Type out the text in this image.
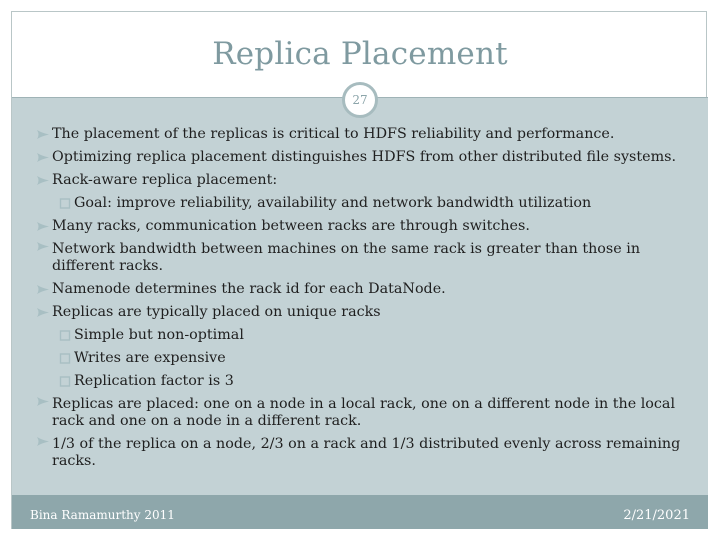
Replica Placement
27
The placement of the replicas is critical to HDFS reliability and performance.
Optimizing replica placement distinguishes HDFS from other distributed file systems.
Rack-aware replica placement:
Goal: improve reliability, availability and network bandwidth utilization
Many racks, communication between racks are through switches.
Network bandwidth between machines on the same rack is greater than those in different racks.
Namenode determines the rack id for each DataNode.
Replicas are typically placed on unique racks
Simple but non-optimal
Writes are expensive
Replication factor is 3
Replicas are placed: one on a node in a local rack, one on a different node in the local rack and one on a node in a different rack.
1/3 of the replica on a node, 2/3 on a rack and 1/3 distributed evenly across remaining racks.
Bina Ramamurthy 2011	2/21/2021
